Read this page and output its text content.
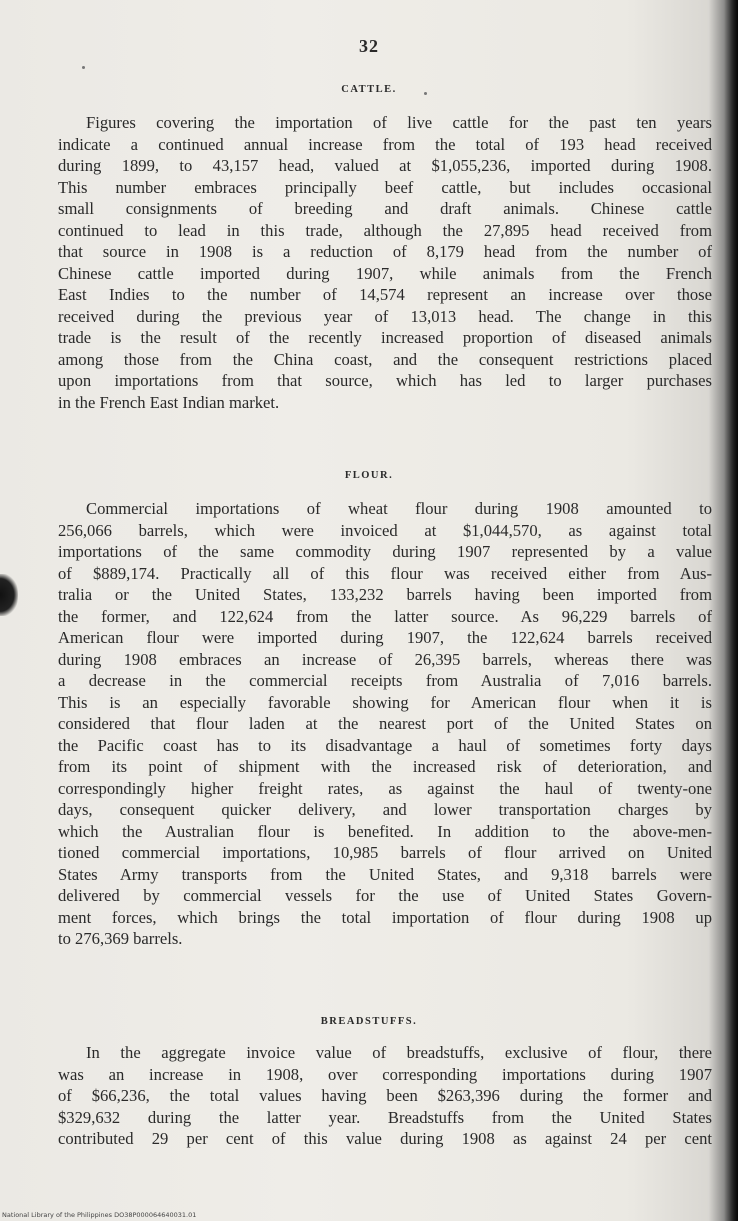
32
CATTLE.

Figures covering the importation of live cattle for the past ten years
indicate a continued annual increase from the total of 193 head received
during 1899, to 43,157 head, valued at $1,055,236, imported during 1908.
This number embraces principally beef cattle, but includes occasional
small consignments of breeding and draft animals. Chinese cattle
continued to lead in this trade, although the 27,895 head received from
that source in 1908 is a reduction of 8,179 head from the number of
Chinese cattle imported during 1907, while animals from the French
East Indies to the number of 14,574 represent an increase over those
received during the previous year of 13,013 head. The change in this
trade is the result of the recently increased proportion of diseased animals
among those from the China coast, and the consequent restrictions placed
upon importations from that source, which has led to larger purchases
in the French East Indian market.

FLOUR.

Commercial importations of wheat flour during 1908 amounted to
256,066 barrels, which were invoiced at $1,044,570, as against total
importations of the same commodity during 1907 represented by a value
of $889,174. Practically all of this flour was received either from Aus-
tralia or the United States, 133,232 barrels having been imported from
the former, and 122,624 from the latter source. As 96,229 barrels of
American flour were imported during 1907, the 122,624 barrels received
during 1908 embraces an increase of 26,395 barrels, whereas there was
a decrease in the commercial receipts from Australia of 7,016 barrels.
This is an especially favorable showing for American flour when it is
considered that flour laden at the nearest port of the United States on
the Pacific coast has to its disadvantage a haul of sometimes forty days
from its point of shipment with the increased risk of deterioration, and
correspondingly higher freight rates, as against the haul of twenty-one
days, consequent quicker delivery, and lower transportation charges by
which the Australian flour is benefited. In addition to the above-men-
tioned commercial importations, 10,985 barrels of flour arrived on United
States Army transports from the United States, and 9,318 barrels were
delivered by commercial vessels for the use of United States Govern-
ment forces, which brings the total importation of flour during 1908 up
to 276,369 barrels.

BREADSTUFFS.

In the aggregate invoice value of breadstuffs, exclusive of flour, there
was an increase in 1908, over corresponding importations during 1907
of $66,236, the total values having been $263,396 during the former and
$329,632 during the latter year. Breadstuffs from the United States
contributed 29 per cent of this value during 1908 as against 24 per cent

National Library of the Philippines DO38P000064640031.01
